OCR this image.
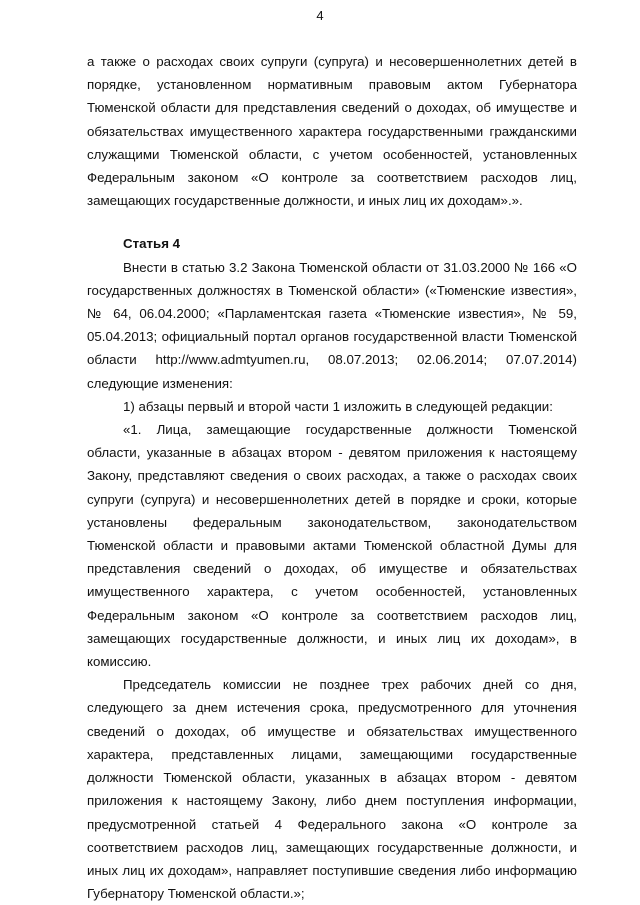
4

а также о расходах своих супруги (супруга) и несовершеннолетних детей в порядке, установленном нормативным правовым актом Губернатора Тюменской области для представления сведений о доходах, об имуществе и обязательствах имущественного характера государственными гражданскими служащими Тюменской области, с учетом особенностей, установленных Федеральным законом «О контроле за соответствием расходов лиц, замещающих государственные должности, и иных лиц их доходам».».

Статья 4

Внести в статью 3.2 Закона Тюменской области от 31.03.2000 № 166 «О государственных должностях в Тюменской области» («Тюменские известия», № 64, 06.04.2000; «Парламентская газета «Тюменские известия», № 59, 05.04.2013; официальный портал органов государственной власти Тюменской области http://www.admtyumen.ru, 08.07.2013; 02.06.2014; 07.07.2014) следующие изменения:

1) абзацы первый и второй части 1 изложить в следующей редакции:

«1. Лица, замещающие государственные должности Тюменской области, указанные в абзацах втором - девятом приложения к настоящему Закону, представляют сведения о своих расходах, а также о расходах своих супруги (супруга) и несовершеннолетних детей в порядке и сроки, которые установлены федеральным законодательством, законодательством Тюменской области и правовыми актами Тюменской областной Думы для представления сведений о доходах, об имуществе и обязательствах имущественного характера, с учетом особенностей, установленных Федеральным законом «О контроле за соответствием расходов лиц, замещающих государственные должности, и иных лиц их доходам», в комиссию.

Председатель комиссии не позднее трех рабочих дней со дня, следующего за днем истечения срока, предусмотренного для уточнения сведений о доходах, об имуществе и обязательствах имущественного характера, представленных лицами, замещающими государственные должности Тюменской области, указанных в абзацах втором - девятом приложения к настоящему Закону, либо днем поступления информации, предусмотренной статьей 4 Федерального закона «О контроле за соответствием расходов лиц, замещающих государственные должности, и иных лиц их доходам», направляет поступившие сведения либо информацию Губернатору Тюменской области.»;
